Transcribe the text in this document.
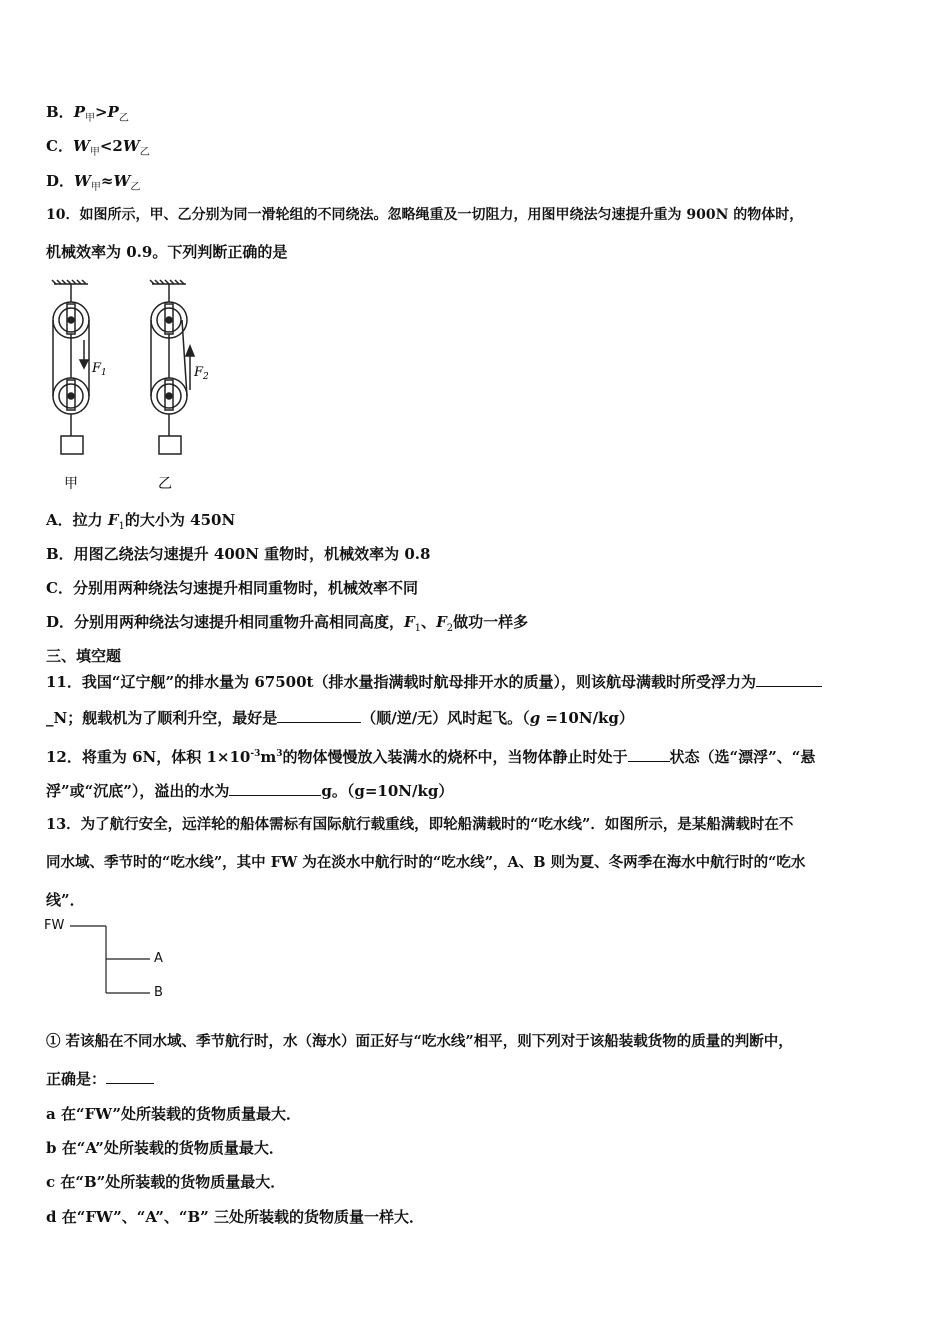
B．$P_甲>P_乙$
C．$W_甲<2W_乙$
D．$W_甲\approx W_乙$
10．如图所示，甲、乙分别为同一滑轮组的不同绕法。忽略绳重及一切阻力，用图甲绕法匀速提升重为 900N 的物体时，
机械效率为 0.9。下列判断正确的是
$F_1$	$F_2$
甲	乙
A．拉力 $F_1$的大小为 450N
B．用图乙绕法匀速提升 400N 重物时，机械效率为 0.8
C．分别用两种绕法匀速提升相同重物时，机械效率不同
D．分别用两种绕法匀速提升相同重物升高相同高度，$F_1$、$F_2$做功一样多
三、填空题
11．我国“辽宁舰”的排水量为 67500t（排水量指满载时航母排开水的质量），则该航母满载时所受浮力为
_N；舰载机为了顺利升空，最好是	（顺/逆/无）风时起飞。（g =10N/kg）
12．将重为 6N，体积 $1\times 10^{-3}m^3$的物体慢慢放入装满水的烧杯中，当物体静止时处于	状态（选“漂浮”、“悬
浮”或“沉底”），溢出的水为	g。（g=10N/kg）
13．为了航行安全，远洋轮的船体需标有国际航行载重线，即轮船满载时的“吃水线”．如图所示，是某船满载时在不
同水域、季节时的“吃水线”，其中 FW 为在淡水中航行时的“吃水线”，A、B 则为夏、冬两季在海水中航行时的“吃水
线”．
FW
A
B
① 若该船在不同水域、季节航行时，水（海水）面正好与“吃水线”相平，则下列对于该船装载货物的质量的判断中，
正确是：
a 在“FW”处所装载的货物质量最大．
b 在“A”处所装载的货物质量最大．
c 在“B”处所装载的货物质量最大．
d 在“FW”、“A”、“B” 三处所装载的货物质量一样大．
